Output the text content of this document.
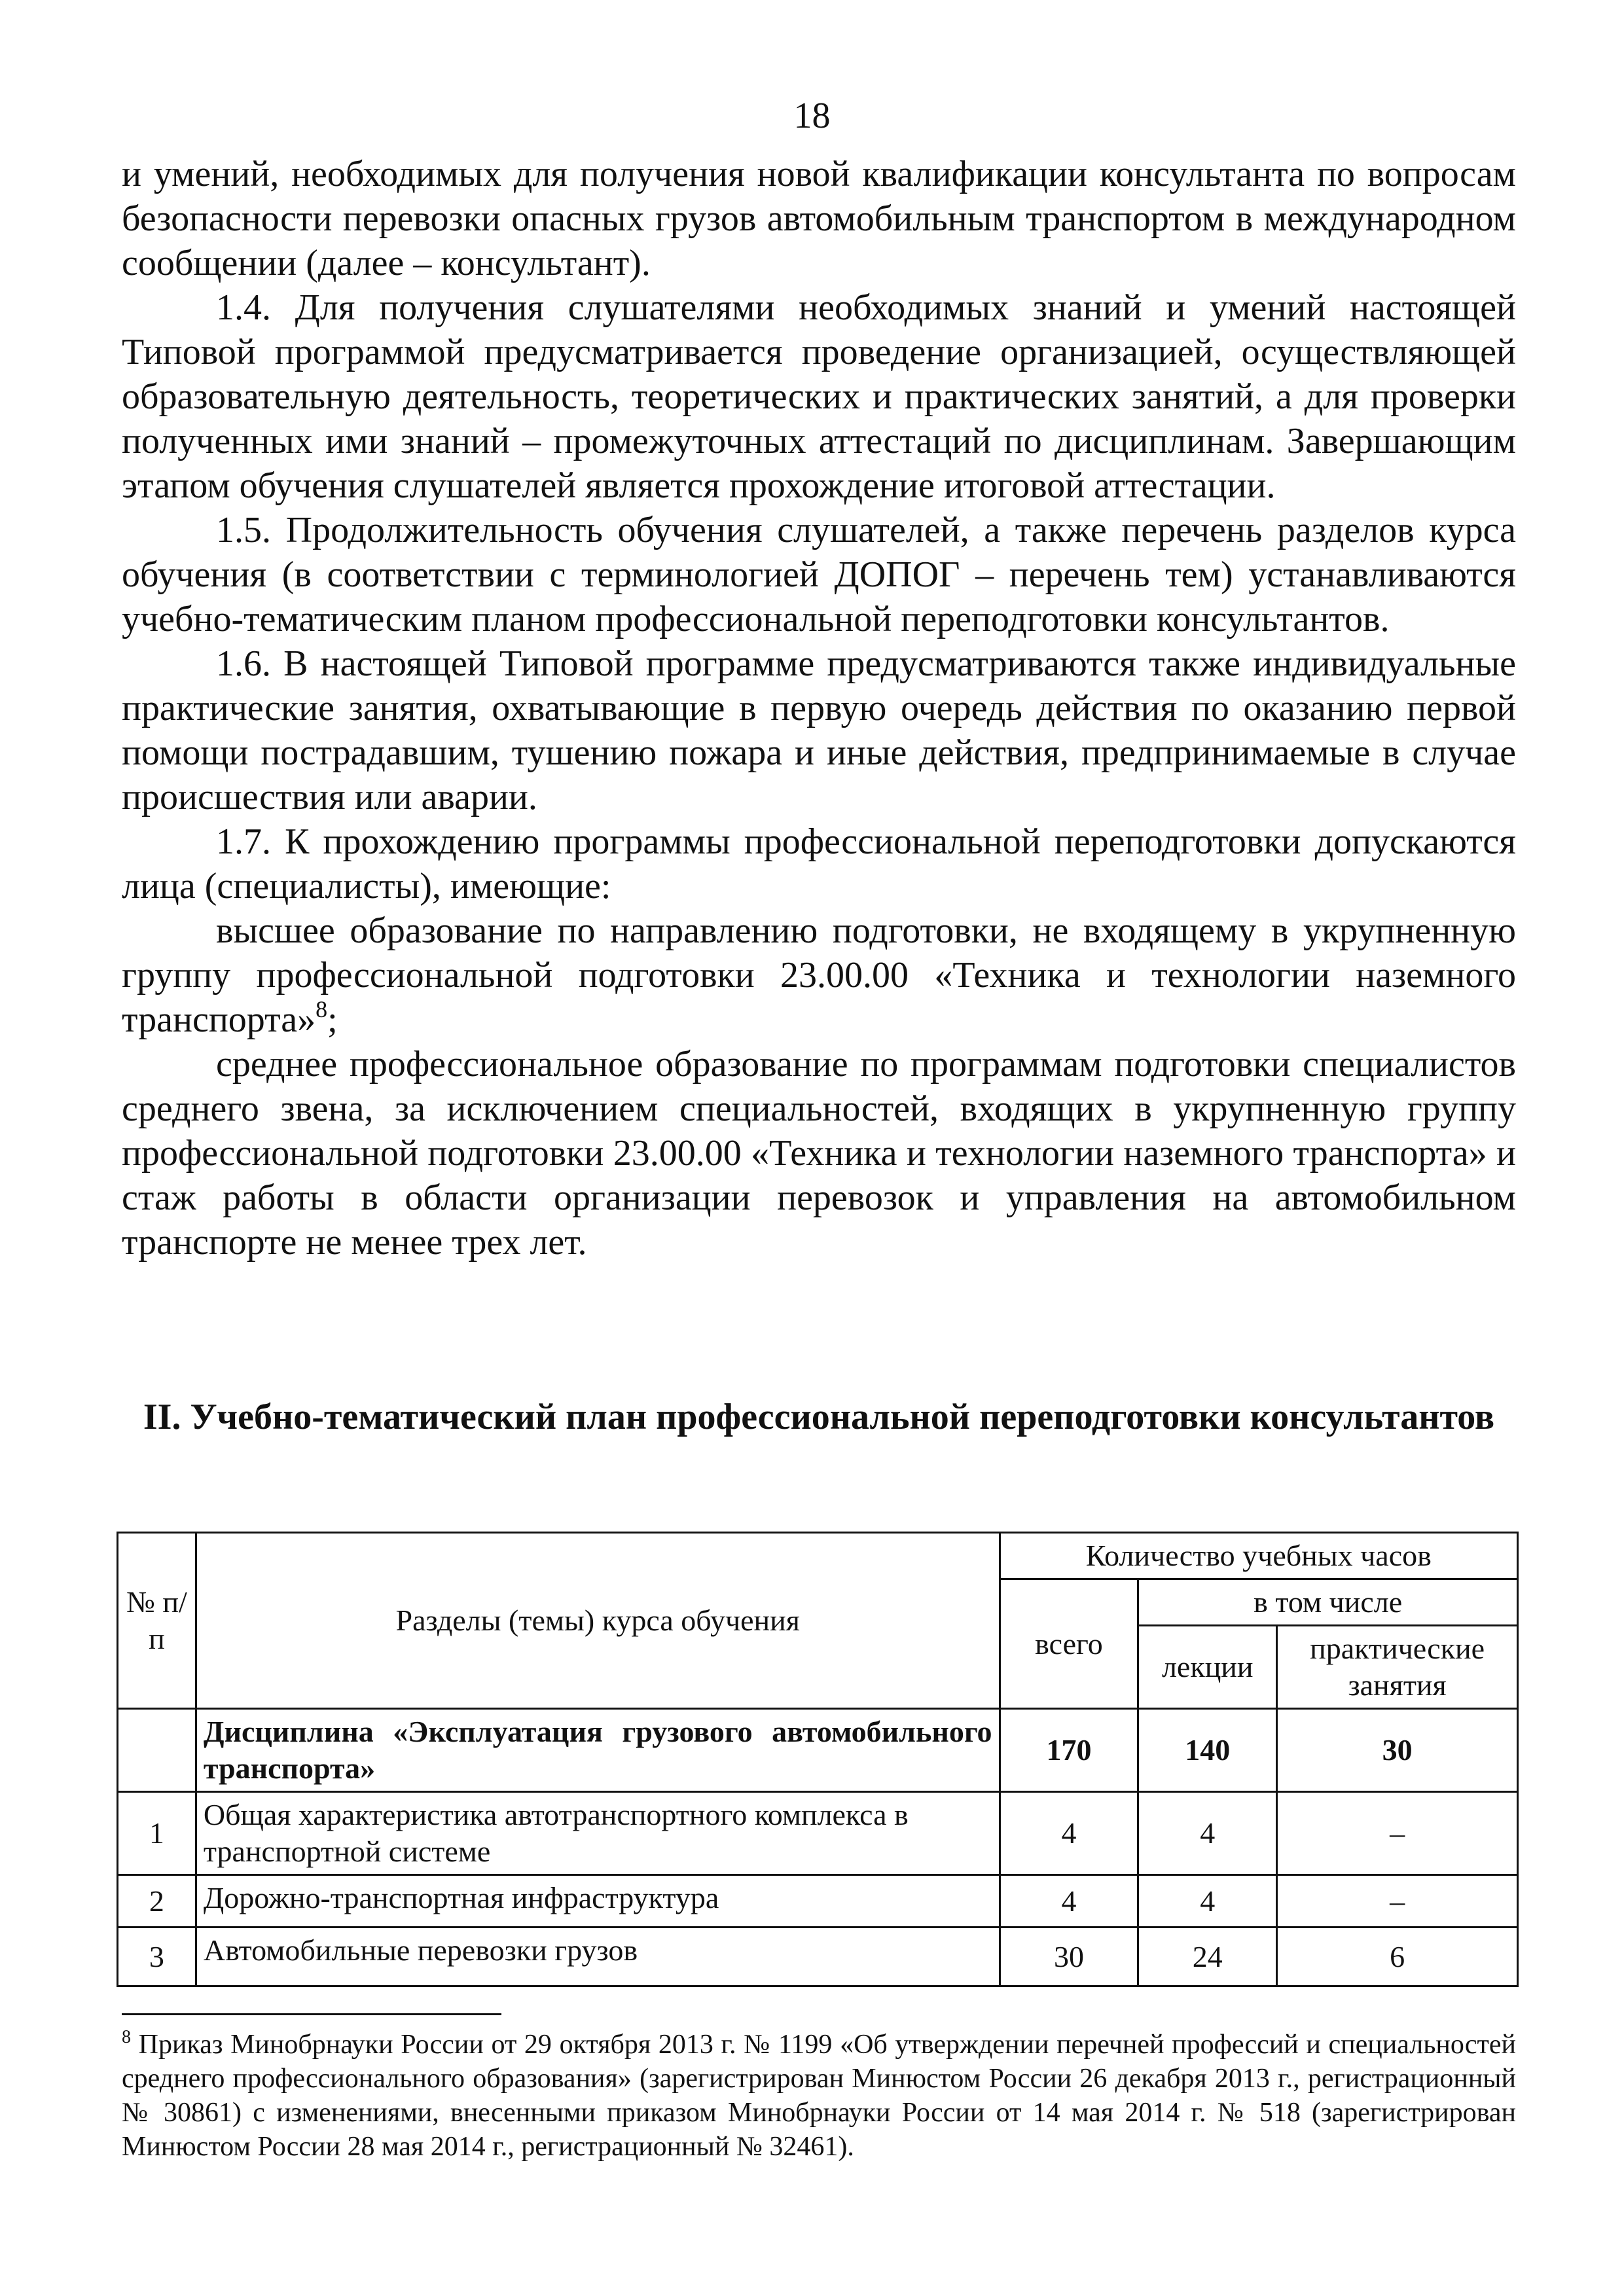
18

и умений, необходимых для получения новой квалификации консультанта по вопросам безопасности перевозки опасных грузов автомобильным транспортом в международном сообщении (далее – консультант).

1.4. Для получения слушателями необходимых знаний и умений настоящей Типовой программой предусматривается проведение организацией, осуществляющей образовательную деятельность, теоретических и практических занятий, а для проверки полученных ими знаний – промежуточных аттестаций по дисциплинам. Завершающим этапом обучения слушателей является прохождение итоговой аттестации.

1.5. Продолжительность обучения слушателей, а также перечень разделов курса обучения (в соответствии с терминологией ДОПОГ – перечень тем) устанавливаются учебно-тематическим планом профессиональной переподготовки консультантов.

1.6. В настоящей Типовой программе предусматриваются также индивидуальные практические занятия, охватывающие в первую очередь действия по оказанию первой помощи пострадавшим, тушению пожара и иные действия, предпринимаемые в случае происшествия или аварии.

1.7. К прохождению программы профессиональной переподготовки допускаются лица (специалисты), имеющие:

высшее образование по направлению подготовки, не входящему в укрупненную группу профессиональной подготовки 23.00.00 «Техника и технологии наземного транспорта»$^8$;

среднее профессиональное образование по программам подготовки специалистов среднего звена, за исключением специальностей, входящих в укрупненную группу профессиональной подготовки 23.00.00 «Техника и технологии наземного транспорта» и стаж работы в области организации перевозок и управления на автомобильном транспорте не менее трех лет.

II. Учебно-тематический план профессиональной переподготовки консультантов
№ п/п	Разделы (темы) курса обучения	Количество учебных часов		
		всего	в том числе	
			лекции	практические занятия
	Дисциплина «Эксплуатация грузового автомобильного транспорта»	170	140	30
1	Общая характеристика автотранспортного комплекса в транспортной системе	4	4	–
2	Дорожно-транспортная инфраструктура	4	4	–
3	Автомобильные перевозки грузов	30	24	6
$^8$ Приказ Минобрнауки России от 29 октября 2013 г. № 1199 «Об утверждении перечней профессий и специальностей среднего профессионального образования» (зарегистрирован Минюстом России 26 декабря 2013 г., регистрационный № 30861) с изменениями, внесенными приказом Минобрнауки России от 14 мая 2014 г. № 518 (зарегистрирован Минюстом России 28 мая 2014 г., регистрационный № 32461).
